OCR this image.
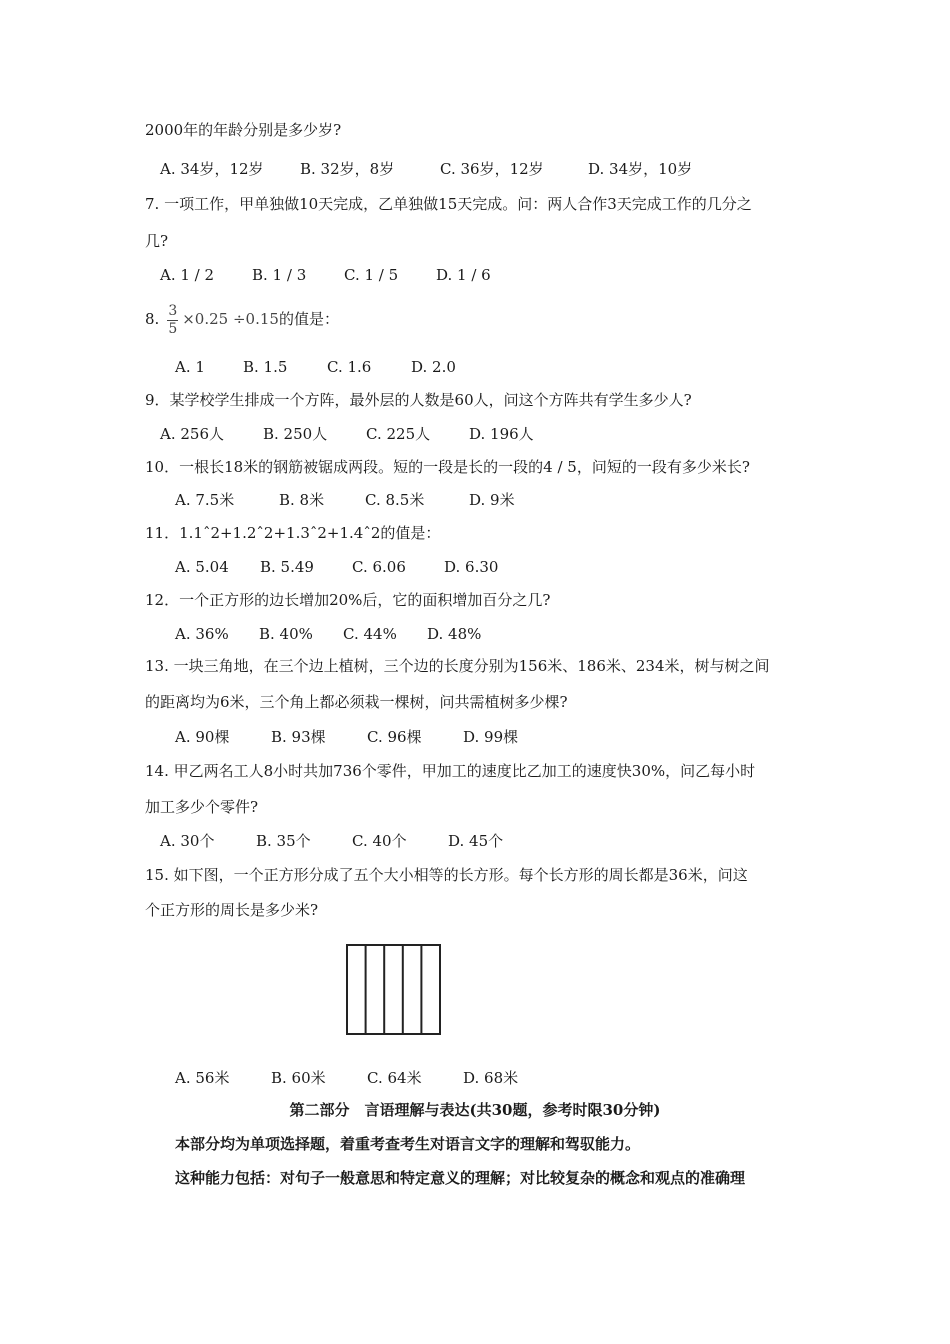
2000年的年龄分别是多少岁?
A. 34岁，12岁 B. 32岁，8岁	C. 36岁，12岁	D. 34岁，10岁
7. 一项工作，甲单独做10天完成，乙单独做15天完成。问：两人合作3天完成工作的几分之
几?
A. 1 / 2	B. 1 / 3	C. 1 / 5	D. 1 / 6
8. $\frac{3}{5} \times 0.25 \div 0.15$的值是：
A. 1	B. 1.5	C. 1.6	D. 2.0
9．某学校学生排成一个方阵，最外层的人数是60人，问这个方阵共有学生多少人?
A. 256人	B. 250人	C. 225人	D. 196人
10．一根长18米的钢筋被锯成两段。短的一段是长的一段的4 / 5，问短的一段有多少米长?
A. 7.5米	B. 8米	C. 8.5米	D. 9米
11．1.1ˆ2+1.2ˆ2+1.3ˆ2+1.4ˆ2的值是：
A. 5.04 B. 5.49	C. 6.06	D. 6.30
12．一个正方形的边长增加20%后，它的面积增加百分之几?
A. 36% B. 40% C. 44% D. 48%
13. 一块三角地，在三个边上植树，三个边的长度分别为156米、186米、234米，树与树之间
的距离均为6米，三个角上都必须栽一棵树，问共需植树多少棵?
A. 90棵	B. 93棵	C. 96棵	D. 99棵
14. 甲乙两名工人8小时共加736个零件，甲加工的速度比乙加工的速度快30%，问乙每小时
加工多少个零件?
A. 30个	B. 35个	C. 40个	D. 45个
15. 如下图，一个正方形分成了五个大小相等的长方形。每个长方形的周长都是36米，问这
个正方形的周长是多少米?
A. 56米	B. 60米	C. 64米	D. 68米
第二部分　言语理解与表达(共30题，参考时限30分钟)
本部分均为单项选择题，着重考查考生对语言文字的理解和驾驭能力。
这种能力包括：对句子一般意思和特定意义的理解；对比较复杂的概念和观点的准确理
